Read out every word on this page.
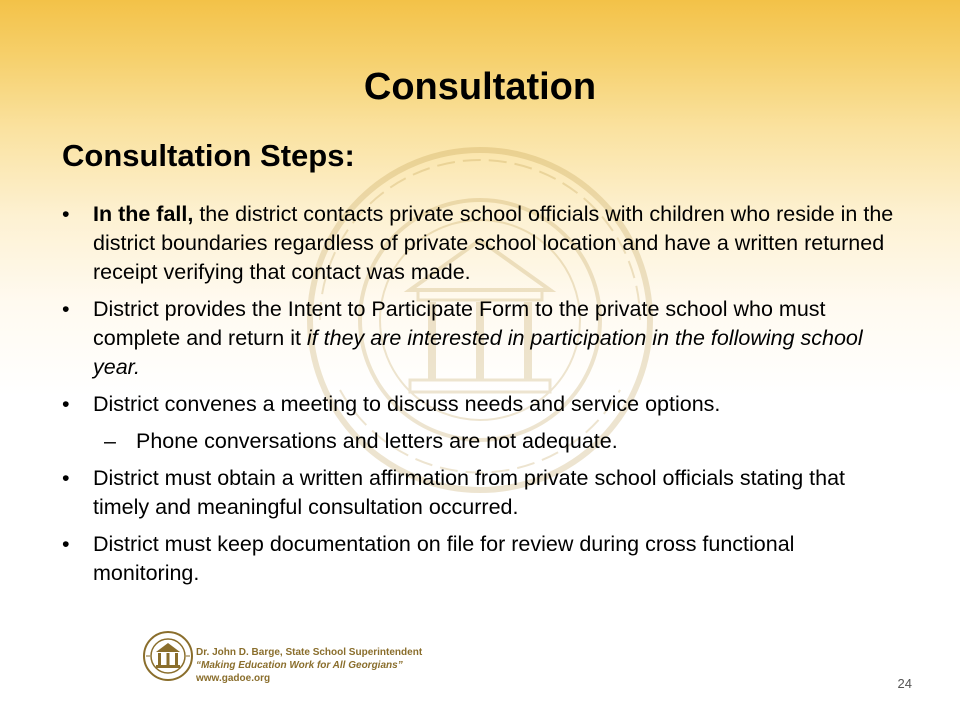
Consultation
Consultation Steps:
• In the fall, the district contacts private school officials with children who reside in the district boundaries regardless of private school location and have a written returned receipt verifying that contact was made.
• District provides the Intent to Participate Form to the private school who must complete and return it if they are interested in participation in the following school year.
• District convenes a meeting to discuss needs and service options.
– Phone conversations and letters are not adequate.
• District must obtain a written affirmation from private school officials stating that timely and meaningful consultation occurred.
• District must keep documentation on file for review during cross functional monitoring.
Dr. John D. Barge, State School Superintendent
“Making Education Work for All Georgians”
www.gadoe.org	24
